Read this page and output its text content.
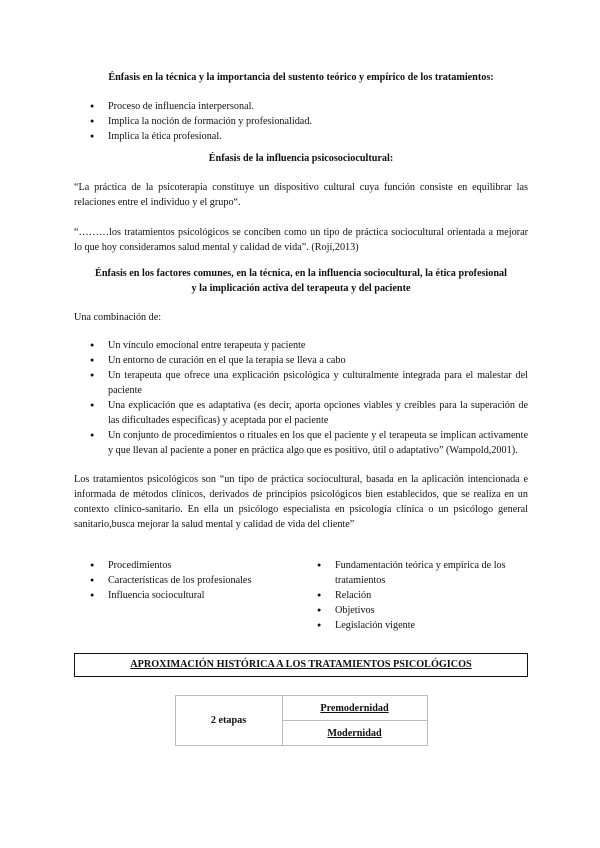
Énfasis en la técnica y la importancia del sustento teórico y empírico de los tratamientos:
● Proceso de influencia interpersonal.
● Implica la noción de formación y profesionalidad.
● Implica la ética profesional.
Énfasis de la influencia psicosociocultural:

“La práctica de la psicoterapia constituye un dispositivo cultural cuya función consiste en equilibrar las relaciones entre el individuo y el grupo“.

“………los tratamientos psicológicos se conciben como un tipo de práctica sociocultural orientada a mejorar lo que hoy consideramos salud mental y calidad de vida”. (Rojí,2013)

Énfasis en los factores comunes, en la técnica, en la influencia sociocultural, la ética profesional
y la implicación activa del terapeuta y del paciente

Una combinación de:

● Un vínculo emocional entre terapeuta y paciente
● Un entorno de curación en el que la terapia se lleva a cabo
● Un terapeuta que ofrece una explicación psicológica y culturalmente integrada para el malestar del paciente
● Una explicación que es adaptativa (es decir, aporta opciones viables y creíbles para la superación de las dificultades específicas) y aceptada por el paciente
● Un conjunto de procedimientos o rituales en los que el paciente y el terapeuta se implican activamente y que llevan al paciente a poner en práctica algo que es positivo, útil o adaptativo” (Wampold,2001).

Los tratamientos psicológicos son “un tipo de práctica sociocultural, basada en la aplicación intencionada e informada de métodos clínicos, derivados de principios psicológicos bien establecidos, que se realiza en un contexto clínico-sanitario. En ella un psicólogo especialista en psicología clínica o un psicólogo general sanitario,busca mejorar la salud mental y calidad de vida del cliente”

● Procedimientos
● Características de los profesionales
● Influencia sociocultural
● Fundamentación teórica y empírica de los tratamientos
● Relación
● Objetivos
● Legislación vigente
APROXIMACIÓN HISTÓRICA A LOS TRATAMIENTOS PSICOLÓGICOS
2 etapas	Premodernidad
Modernidad
